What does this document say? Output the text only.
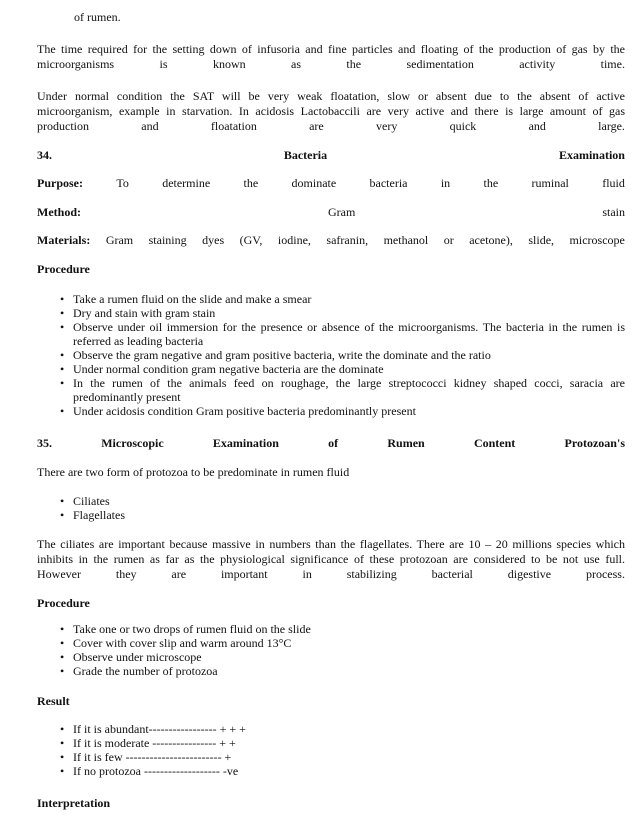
of rumen.
The time required for the setting down of infusoria and fine particles and floating of the production of gas by the
microorganisms	is	known	as	the	sedimentation	activity	time.
Under normal condition the SAT will be very weak floatation, slow or absent due to the absent of active
microorganism, example in starvation. In acidosis Lactobaccili are very active and there is large amount of gas
production	and	floatation	are	very	quick	and	large.
34.	Bacteria	Examination
Purpose:	To	determine	the	dominate	bacteria	in	the	ruminal	fluid
Method:	Gram	stain
Materials: Gram staining dyes (GV, iodine, safranin, methanol or acetone), slide, microscope
Procedure
• Take a rumen fluid on the slide and make a smear
• Dry and stain with gram stain
• Observe under oil immersion for the presence or absence of the microorganisms. The bacteria in the rumen is referred as leading bacteria
• Observe the gram negative and gram positive bacteria, write the dominate and the ratio
• Under normal condition gram negative bacteria are the dominate
• In the rumen of the animals feed on roughage, the large streptococci kidney shaped cocci, saracia are predominantly present
• Under acidosis condition Gram positive bacteria predominantly present
35.	Microscopic	Examination	of	Rumen	Content	Protozoan's
There are two form of protozoa to be predominate in rumen fluid
• Ciliates
• Flagellates
The ciliates are important because massive in numbers than the flagellates. There are 10 – 20 millions species which
inhibits in the rumen as far as the physiological significance of these protozoan are considered to be not use full.
However	they	are	important	in	stabilizing	bacterial	digestive	process.
Procedure
• Take one or two drops of rumen fluid on the slide
• Cover with cover slip and warm around 13°C
• Observe under microscope
• Grade the number of protozoa
Result
• If it is abundant----------------- + + +
• If it is moderate ---------------- + +
• If it is few ------------------------ +
• If no protozoa ------------------- -ve
Interpretation
